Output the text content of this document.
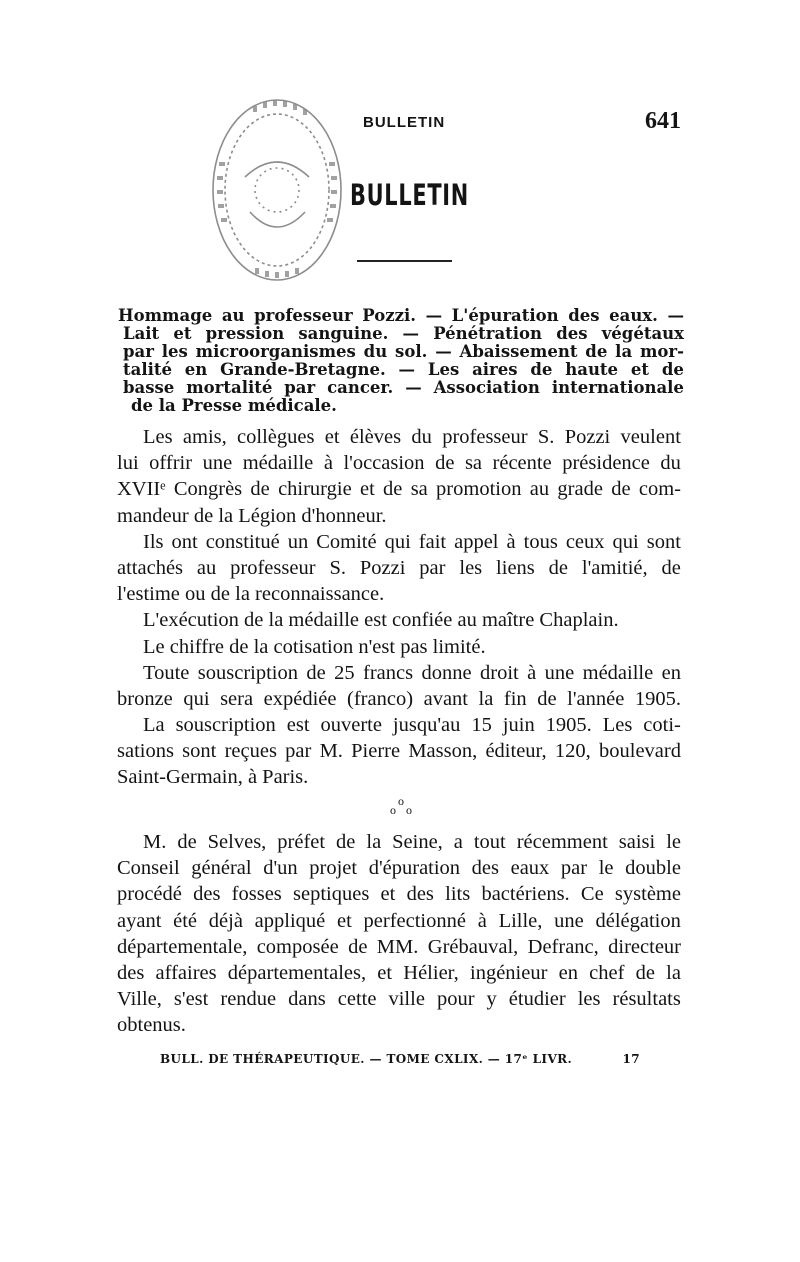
BULLETIN	641
BULLETIN
Hommage au professeur Pozzi. — L'épuration des eaux. —
Lait et pression sanguine. — Pénétration des végétaux
par les microorganismes du sol. — Abaissement de la mor-
talité en Grande-Bretagne. — Les aires de haute et de
basse mortalité par cancer. — Association internationale
de la Presse médicale.
Les amis, collègues et élèves du professeur S. Pozzi veulent
lui offrir une médaille à l'occasion de sa récente présidence du
XVIIᵉ Congrès de chirurgie et de sa promotion au grade de com-
mandeur de la Légion d'honneur.
Ils ont constitué un Comité qui fait appel à tous ceux qui sont
attachés au professeur S. Pozzi par les liens de l'amitié, de
l'estime ou de la reconnaissance.
L'exécution de la médaille est confiée au maître Chaplain.
Le chiffre de la cotisation n'est pas limité.
Toute souscription de 25 francs donne droit à une médaille en
bronze qui sera expédiée (franco) avant la fin de l'année 1905.
La souscription est ouverte jusqu'au 15 juin 1905. Les coti-
sations sont reçues par M. Pierre Masson, éditeur, 120, boulevard
Saint-Germain, à Paris.
o
o o
M. de Selves, préfet de la Seine, a tout récemment saisi le
Conseil général d'un projet d'épuration des eaux par le double
procédé des fosses septiques et des lits bactériens. Ce système
ayant été déjà appliqué et perfectionné à Lille, une délégation
départementale, composée de MM. Grébauval, Defranc, directeur
des affaires départementales, et Hélier, ingénieur en chef de la
Ville, s'est rendue dans cette ville pour y étudier les résultats
obtenus.
BULL. DE THÉRAPEUTIQUE. — TOME CXLIX. — 17ᵉ LIVR.	17
